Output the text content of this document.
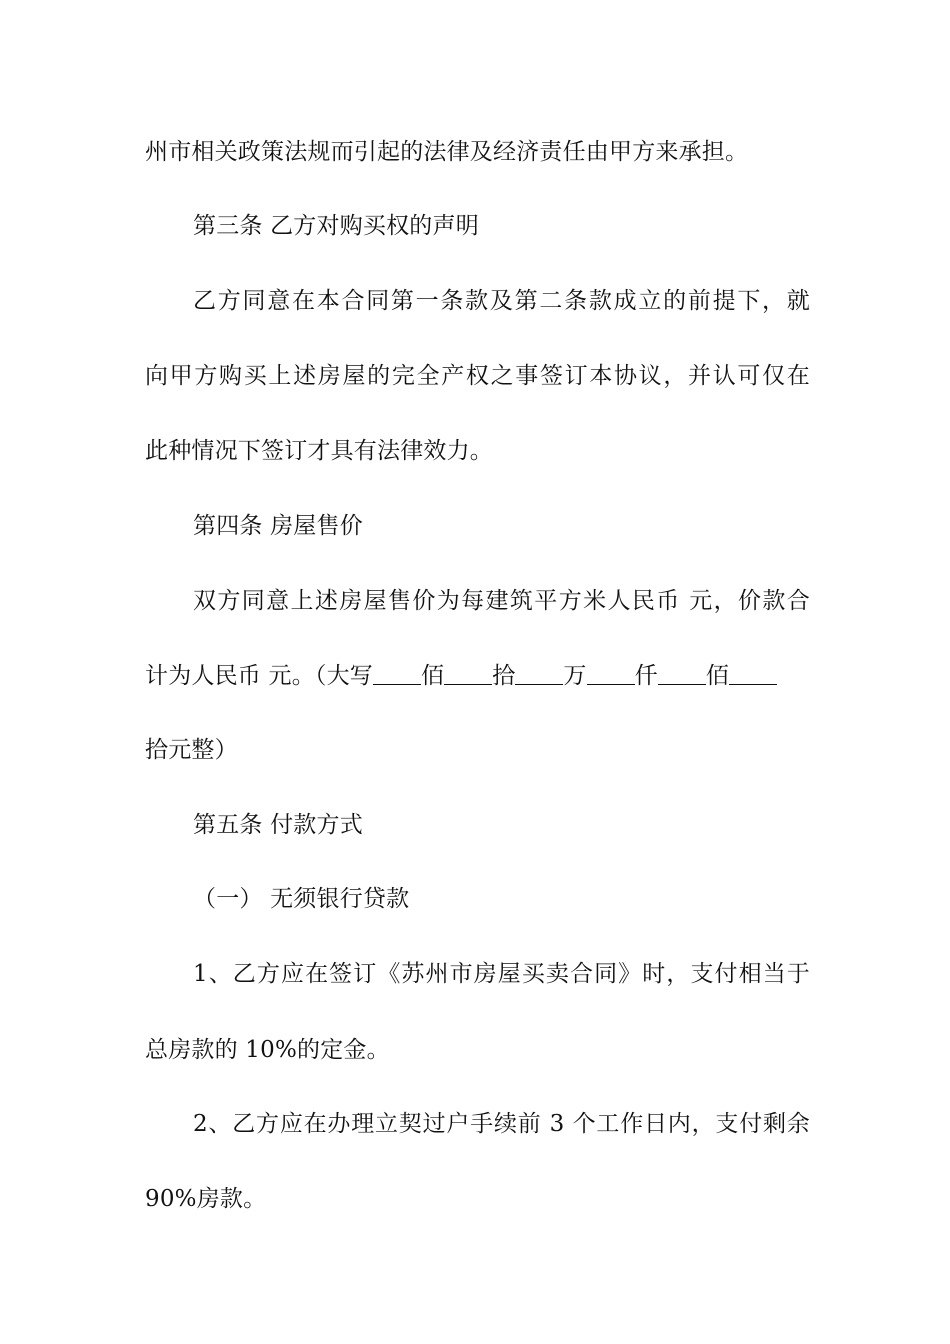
州市相关政策法规而引起的法律及经济责任由甲方来承担。
第三条 乙方对购买权的声明
乙方同意在本合同第一条款及第二条款成立的前提下，就
向甲方购买上述房屋的完全产权之事签订本协议，并认可仅在
此种情况下签订才具有法律效力。
第四条 房屋售价
双方同意上述房屋售价为每建筑平方米人民币 元，价款合
计为人民币 元。（大写 佰 拾 万 仟 佰
拾元整）
第五条 付款方式
（一） 无须银行贷款
1、乙方应在签订《苏州市房屋买卖合同》时，支付相当于
总房款的 10%的定金。
2、乙方应在办理立契过户手续前 3 个工作日内，支付剩余
90%房款。
